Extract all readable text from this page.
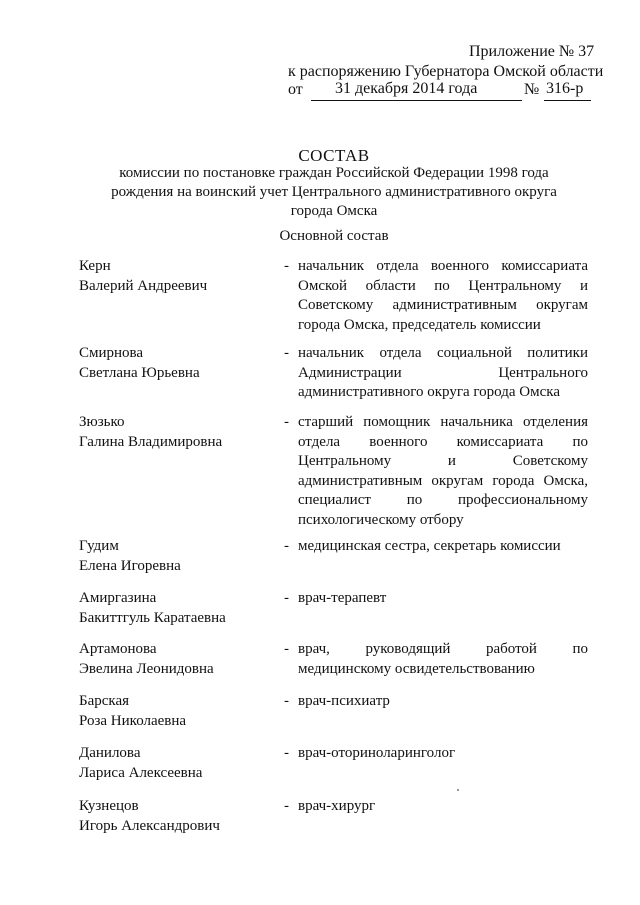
Приложение № 37
к распоряжению Губернатора Омской области
от 31 декабря 2014 года	№ 316-р
СОСТАВ
комиссии по постановке граждан Российской Федерации 1998 года
рождения на воинский учет Центрального административного округа
города Омска
Основной состав
Керн
Валерий Андреевич
- начальник отдела военного комиссариата
Омской области по Центральному и
Советскому административным округам
города Омска, председатель комиссии
Смирнова
Светлана Юрьевна
- начальник отдела социальной политики
Администрации Центрального
административного округа города Омска
Зюзько
Галина Владимировна
- старший помощник начальника отделения
отдела военного комиссариата по
Центральному и Советскому
административным округам города Омска,
специалист по профессиональному
психологическому отбору
Гудим
Елена Игоревна
- медицинская сестра, секретарь комиссии
Амиргазина
Бакиттгуль Каратаевна
- врач-терапевт
Артамонова
Эвелина Леонидовна
- врач, руководящий работой по
медицинскому освидетельствованию
Барская
Роза Николаевна
- врач-психиатр
Данилова
Лариса Алексеевна
- врач-оториноларинголог
Кузнецов
Игорь Александрович
- врач-хирург
